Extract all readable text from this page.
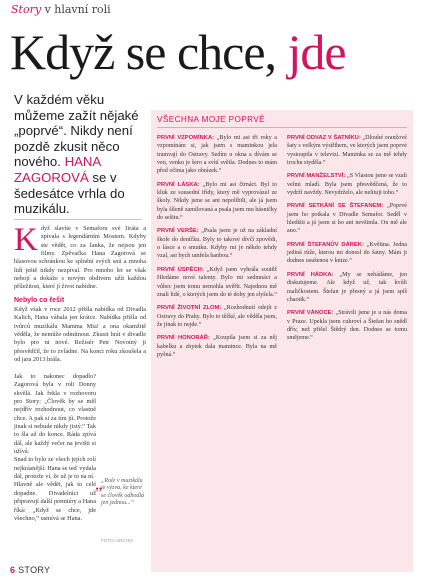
Story v hlavní roli
Když se chce, jde
V každém věku můžeme zažít nějaké „poprvé“. Nikdy není pozdě zkusit něco nového. HANA ZAGOROVÁ se v šedesátce vrhla do muzikálu.
K dyž slavíte v Semaforu své Jiráta a zpívala s legendárním Mostem. Kdyby ste vědět, co za Janka, že nejsou jen filmy. Zpěvačka Hana Zagorová se hlasovou schránkou ke splnění svých snů a mnoha lidí ještě nikdy nezpíval. Pro mnoho let se však nebojí a dokáže s novým obdivem užít každou příležitost, které jí život nabídne.

Nebylo co řešit

Když však v roce 2012 přišla nabídka od Divadla Kalich, Hana váhala jen krátce. Nabídka přišla od tvůrců muzikálu Mamma Mia! a ona okamžitě věděla, že nemůže odmítnout. Zkusit hrát v divadle bylo pro ni nové. Režisér Petr Novotný ji přesvědčil, že to zvládne. Na konci roku zkoušela a od jara 2013 hrála.

Jak to nakonec dopadlo? Zagorová byla v roli Donny skvělá. Jak řekla v rozhovoru pro Story: „Člověk by se měl nejdřív rozhodnout, co vlastně chce. A pak si za tím jít. Protože jinak si nebude nikdy jistý.“ Tak to šla až do konce. Ráda zpívá dál, ale každý večer na jevišti si užívá.

Snad to bylo ze všech jejích rolí nejkrásnější. Hana se teď vydala dál, protože ví, že už je to na ní.

Hlavně ale vědět, jak to celé dopadne. Divadelníci už připravují další premiéry a Hana říká: „Když se chce, jde všechno,“ usmívá se Hana.

„
„Role v muzikálu je výzva, ke které se člověk odhodlá jen jednou...“
FOTO: ARCHIV
6 STORY
VŠECHNA MOJE POPRVÉ
PRVNÍ VZPOMÍNKA: „Bylo mi asi tři roky a vzpomínám si, jak jsem s maminkou jela tramvají do Ostravy. Sedím u okna a dívám se ven, venku je šero a svítí světla. Dodnes to mám před očima jako obrázek.“
PRVNÍ LÁSKA: „Bylo mi asi čtrnáct. Byl to kluk ze sousední třídy, který mě vyprovázel ze školy. Nikdy jsme se ani nepolíbili, ale já jsem byla šíleně zamilovaná a psala jsem mu básničky do sešitu.“
PRVNÍ VERŠE: „Psala jsem je už na základní škole do deníčku. Byly to takové dívčí zpovědi, o lásce a o smutku. Kdyby mi je někdo tehdy vzal, asi bych umřela hanbou.“
PRVNÍ ÚSPĚCH: „Když jsem vyhrála soutěž Hledáme nové talenty. Bylo mi sedmnáct a vůbec jsem tomu nemohla uvěřit. Najednou mě znali lidé, o kterých jsem do té doby jen slyšela.“
PRVNÍ ŽIVOTNÍ ZLOM: „Rozhodnutí odejít z Ostravy do Prahy. Bylo to těžké, ale věděla jsem, že jinak to nejde.“
PRVNÍ HONORÁŘ: „Koupila jsem si za něj kabelku a zbytek dala mamince. Byla na mě pyšná.“
PRVNÍ ODVAZ V ŠATNÍKU: „Dlouhé oranžové šaty s velkým výstřihem, ve kterých jsem poprvé vystoupila v televizi. Maminka se za mě tehdy trochu styděla.“
PRVNÍ MANŽELSTVÍ: „S Vlastou jsme se vzali velmi mladí. Byla jsem přesvědčená, že to vydrží navždy. Nevydrželo, ale nelituji toho.“
PRVNÍ SETKÁNÍ SE ŠTEFANEM: „Poprvé jsem ho potkala v Divadle Semafor. Seděl v hledišti a já jsem si ho ani nevšimla. On mě ale ano.“
PRVNÍ ŠTEFANŮV DÁREK: „Květina. Jedna jediná růže, kterou mi donesl do šatny. Mám ji dodnes usušenou v knize.“
PRVNÍ HÁDKA: „My se nehádáme, jen diskutujeme. Ale když už, tak kvůli maličkostem. Štefan je přesný a já jsem spíš chaotik.“
PRVNÍ VÁNOCE: „Strávili jsme je u nás doma v Praze. Upekla jsem cukroví a Štefan ho snědl dřív, než přišel Štědrý den. Dodnes se tomu smějeme.“
